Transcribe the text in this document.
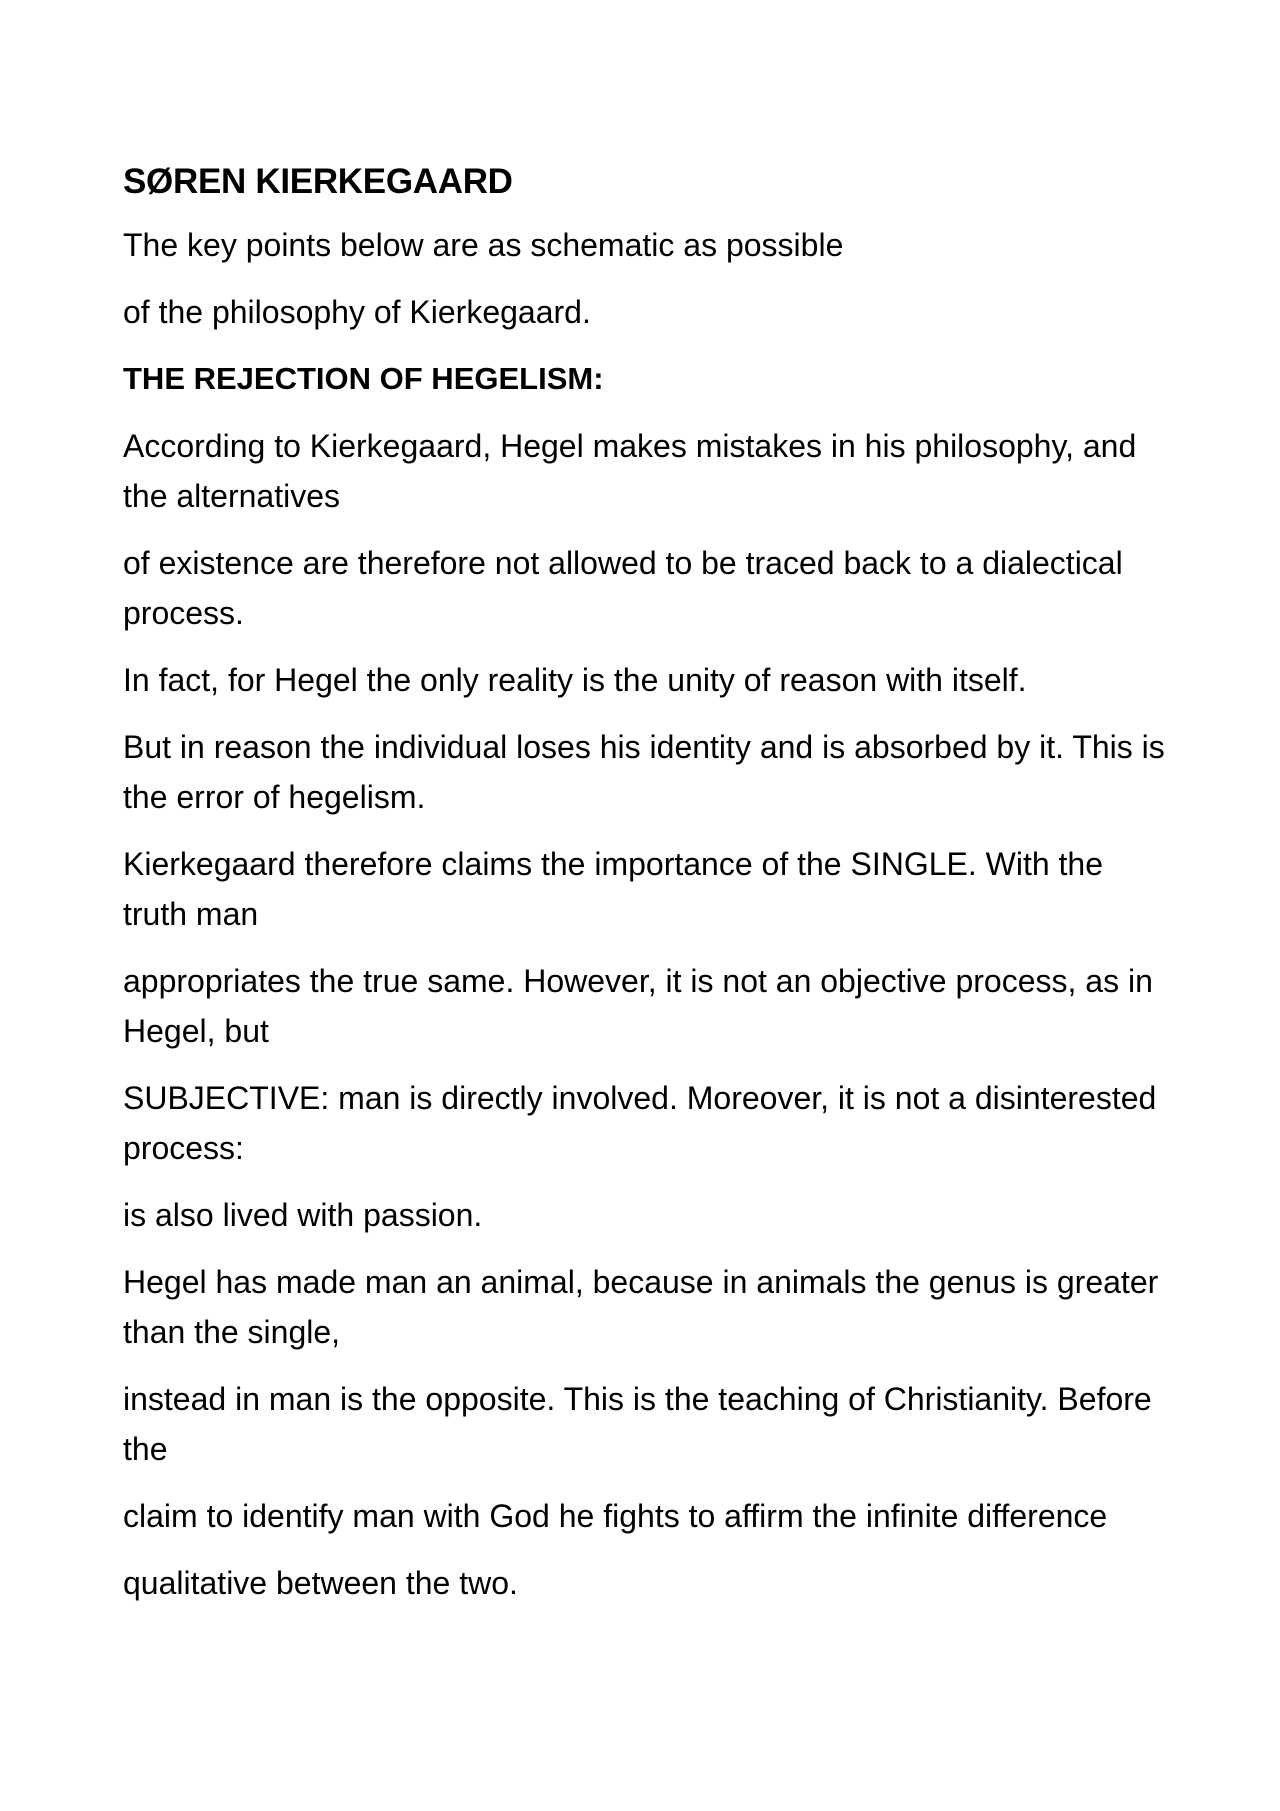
SØREN KIERKEGAARD
The key points below are as schematic as possible
of the philosophy of Kierkegaard.
THE REJECTION OF HEGELISM:
According to Kierkegaard, Hegel makes mistakes in his philosophy, and the alternatives
of existence are therefore not allowed to be traced back to a dialectical process.
In fact, for Hegel the only reality is the unity of reason with itself.
But in reason the individual loses his identity and is absorbed by it. This is the error of hegelism.
Kierkegaard therefore claims the importance of the SINGLE. With the truth man
appropriates the true same. However, it is not an objective process, as in Hegel, but
SUBJECTIVE: man is directly involved. Moreover, it is not a disinterested process:
is also lived with passion.
Hegel has made man an animal, because in animals the genus is greater than the single,
instead in man is the opposite. This is the teaching of Christianity. Before the
claim to identify man with God he fights to affirm the infinite difference
qualitative between the two.
